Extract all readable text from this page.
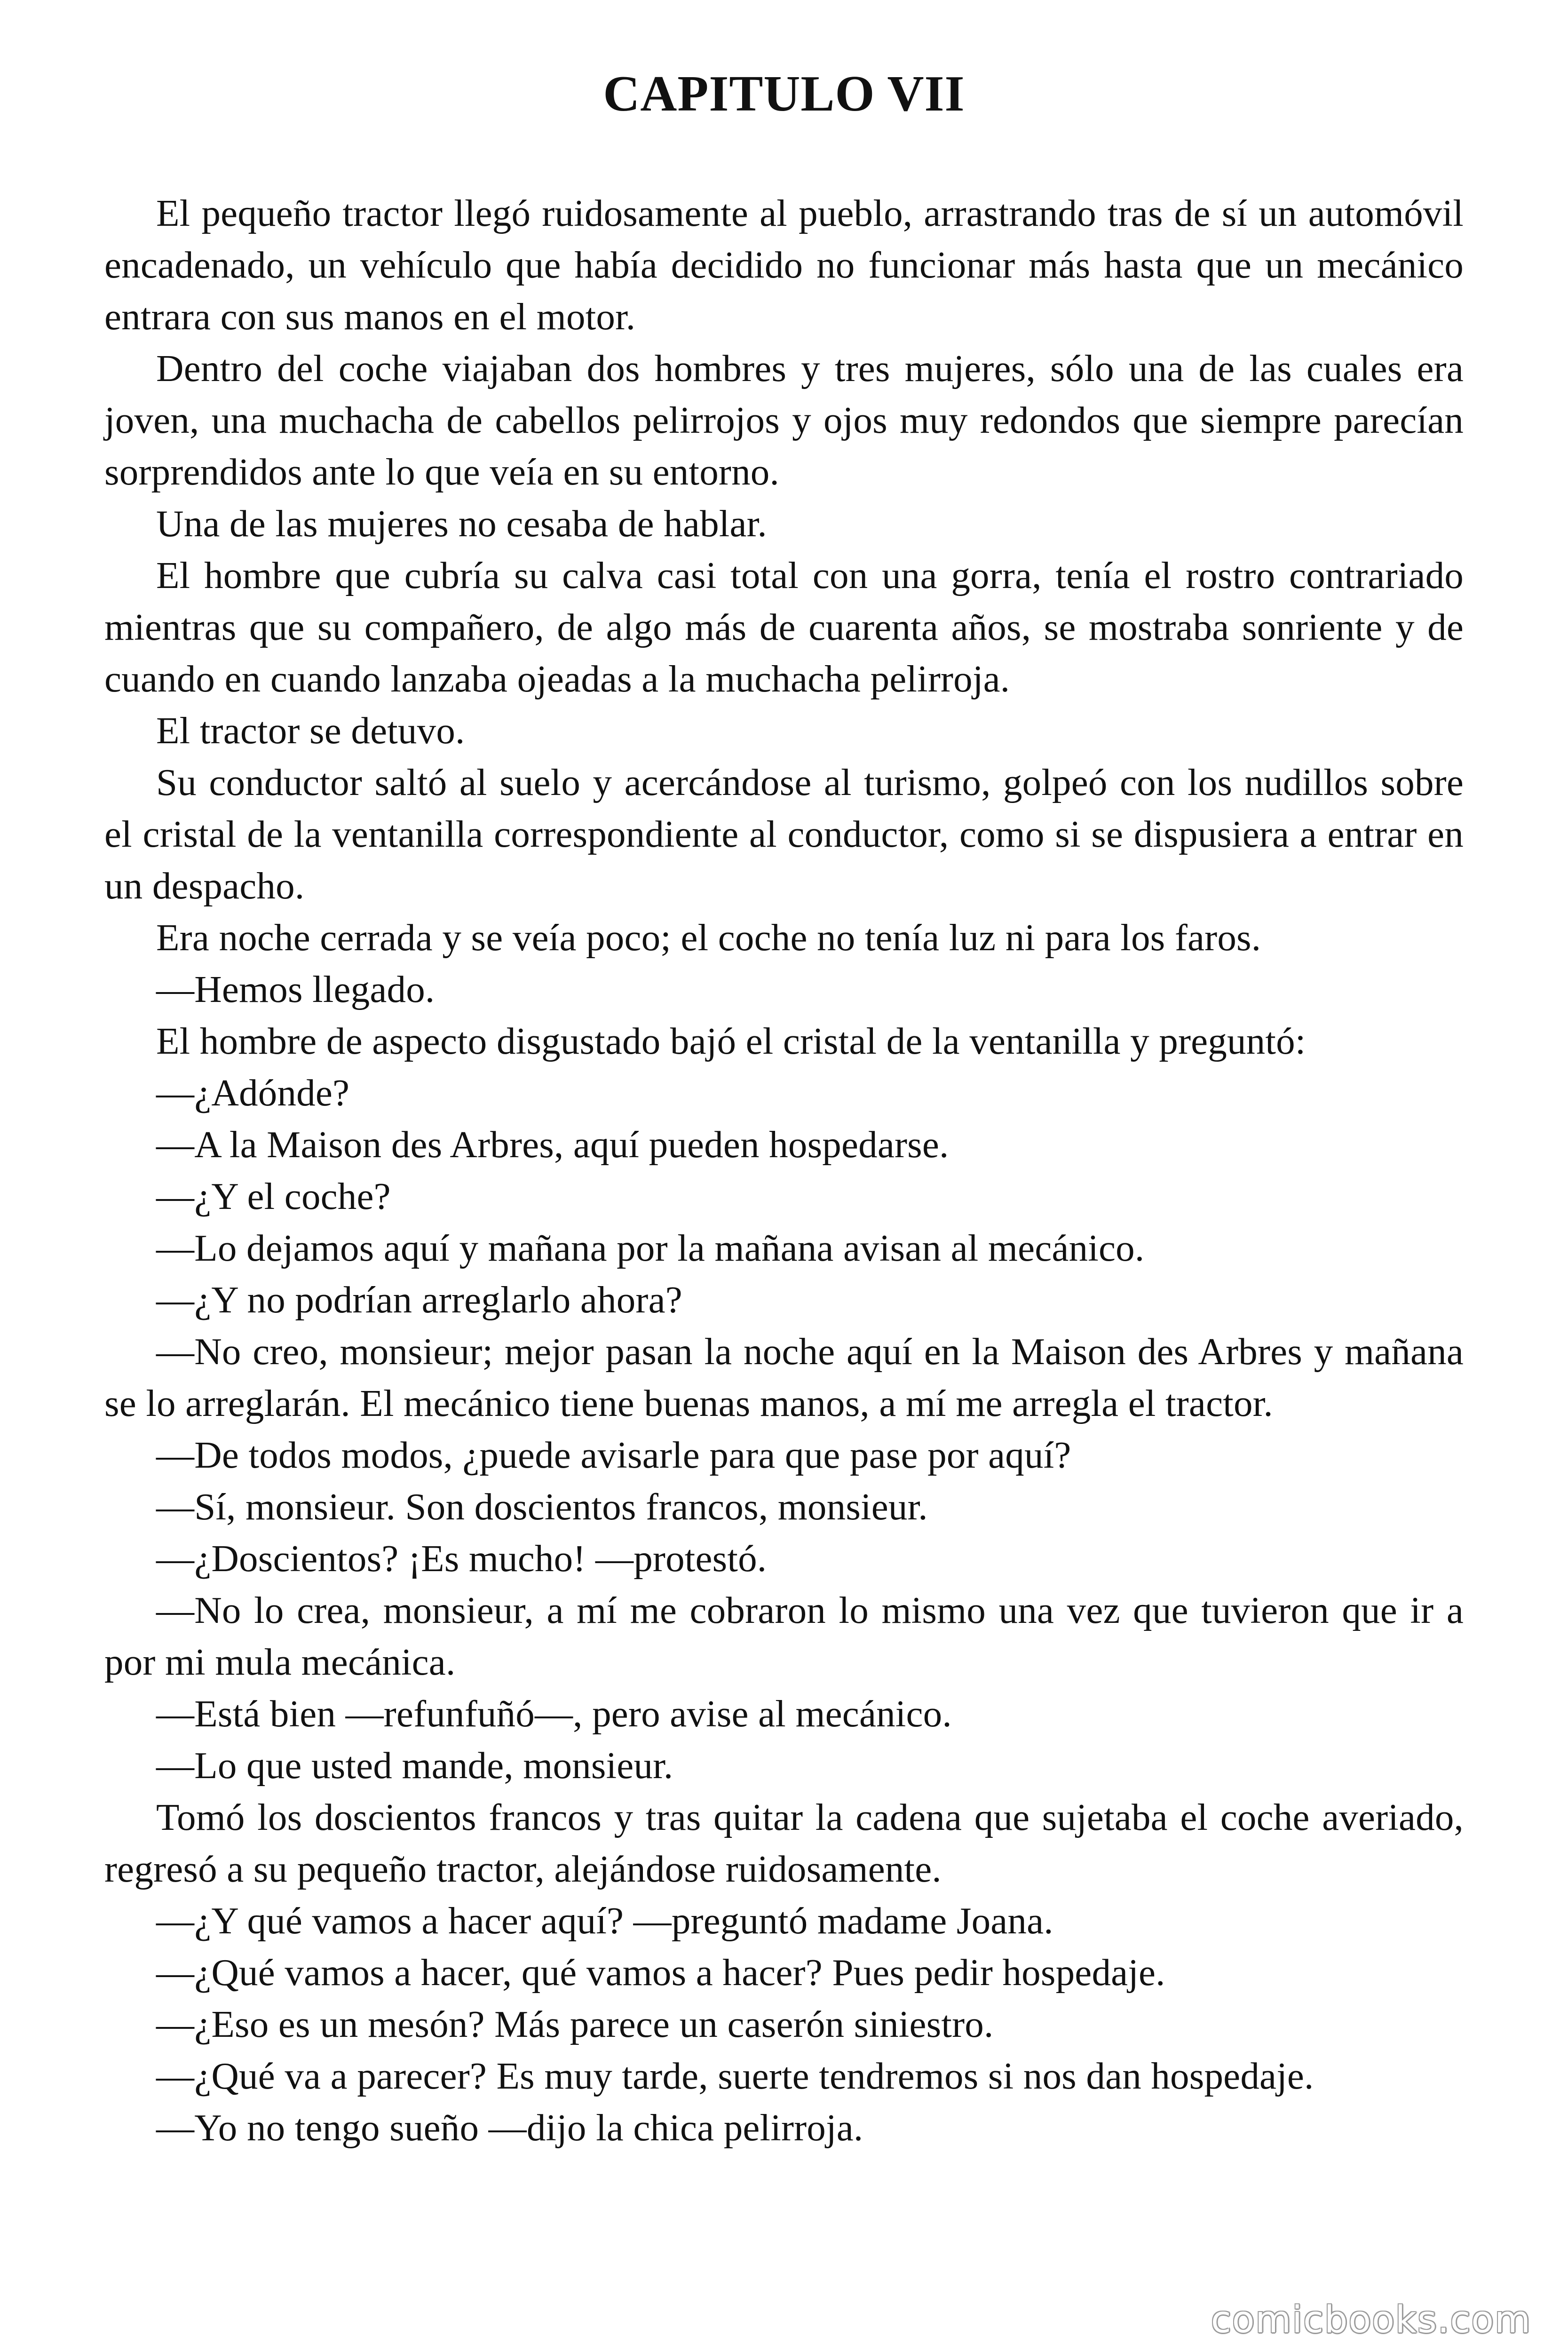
CAPITULO VII

El pequeño tractor llegó ruidosamente al pueblo, arrastrando tras de sí un automóvil encadenado, un vehículo que había decidido no funcionar más hasta que un mecánico entrara con sus manos en el motor.

Dentro del coche viajaban dos hombres y tres mujeres, sólo una de las cuales era joven, una muchacha de cabellos pelirrojos y ojos muy redondos que siempre parecían sorprendidos ante lo que veía en su entorno.

Una de las mujeres no cesaba de hablar.

El hombre que cubría su calva casi total con una gorra, tenía el rostro contrariado mientras que su compañero, de algo más de cuarenta años, se mostraba sonriente y de cuando en cuando lanzaba ojeadas a la muchacha pelirroja.

El tractor se detuvo.

Su conductor saltó al suelo y acercándose al turismo, golpeó con los nudillos sobre el cristal de la ventanilla correspondiente al conductor, como si se dispusiera a entrar en un despacho.

Era noche cerrada y se veía poco; el coche no tenía luz ni para los faros.

—Hemos llegado.

El hombre de aspecto disgustado bajó el cristal de la ventanilla y preguntó:

—¿Adónde?

—A la Maison des Arbres, aquí pueden hospedarse.

—¿Y el coche?

—Lo dejamos aquí y mañana por la mañana avisan al mecánico.

—¿Y no podrían arreglarlo ahora?

—No creo, monsieur; mejor pasan la noche aquí en la Maison des Arbres y mañana se lo arreglarán. El mecánico tiene buenas manos, a mí me arregla el tractor.

—De todos modos, ¿puede avisarle para que pase por aquí?

—Sí, monsieur. Son doscientos francos, monsieur.

—¿Doscientos? ¡Es mucho! —protestó.

—No lo crea, monsieur, a mí me cobraron lo mismo una vez que tuvieron que ir a por mi mula mecánica.

—Está bien —refunfuñó—, pero avise al mecánico.

—Lo que usted mande, monsieur.

Tomó los doscientos francos y tras quitar la cadena que sujetaba el coche averiado, regresó a su pequeño tractor, alejándose ruidosamente.

—¿Y qué vamos a hacer aquí? —preguntó madame Joana.

—¿Qué vamos a hacer, qué vamos a hacer? Pues pedir hospedaje.

—¿Eso es un mesón? Más parece un caserón siniestro.

—¿Qué va a parecer? Es muy tarde, suerte tendremos si nos dan hospedaje.

—Yo no tengo sueño —dijo la chica pelirroja.

comicbooks.com
